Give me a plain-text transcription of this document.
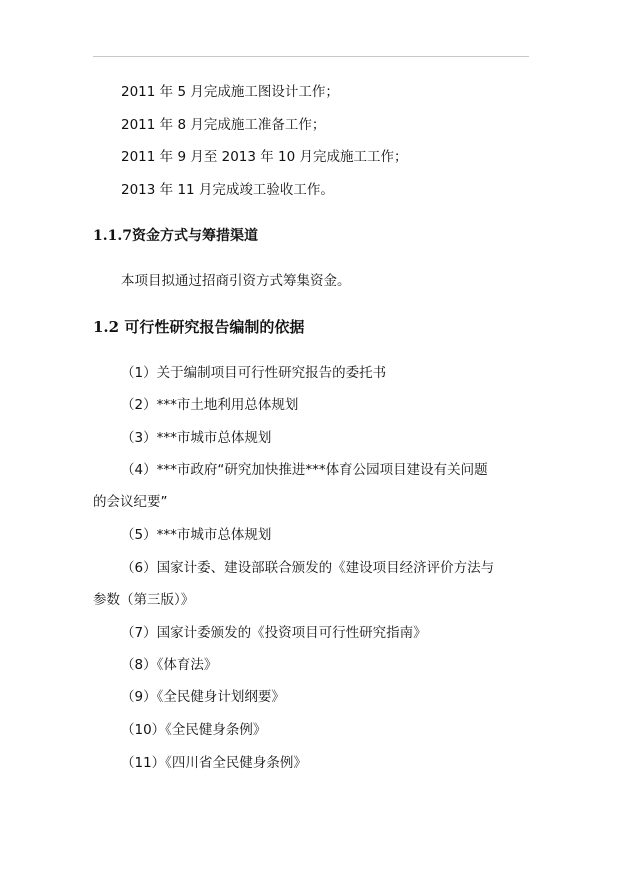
2011 年 5 月完成施工图设计工作；
2011 年 8 月完成施工准备工作；
2011 年 9 月至 2013 年 10 月完成施工工作；
2013 年 11 月完成竣工验收工作。
1.1.7资金方式与筹措渠道
本项目拟通过招商引资方式筹集资金。
1.2 可行性研究报告编制的依据
（1）关于编制项目可行性研究报告的委托书
（2）***市土地利用总体规划
（3）***市城市总体规划
（4）***市政府“研究加快推进***体育公园项目建设有关问题
的会议纪要”
（5）***市城市总体规划
（6）国家计委、建设部联合颁发的《建设项目经济评价方法与
参数（第三版）》
（7）国家计委颁发的《投资项目可行性研究指南》
（8）《体育法》
（9）《全民健身计划纲要》
（10）《全民健身条例》
（11）《四川省全民健身条例》
